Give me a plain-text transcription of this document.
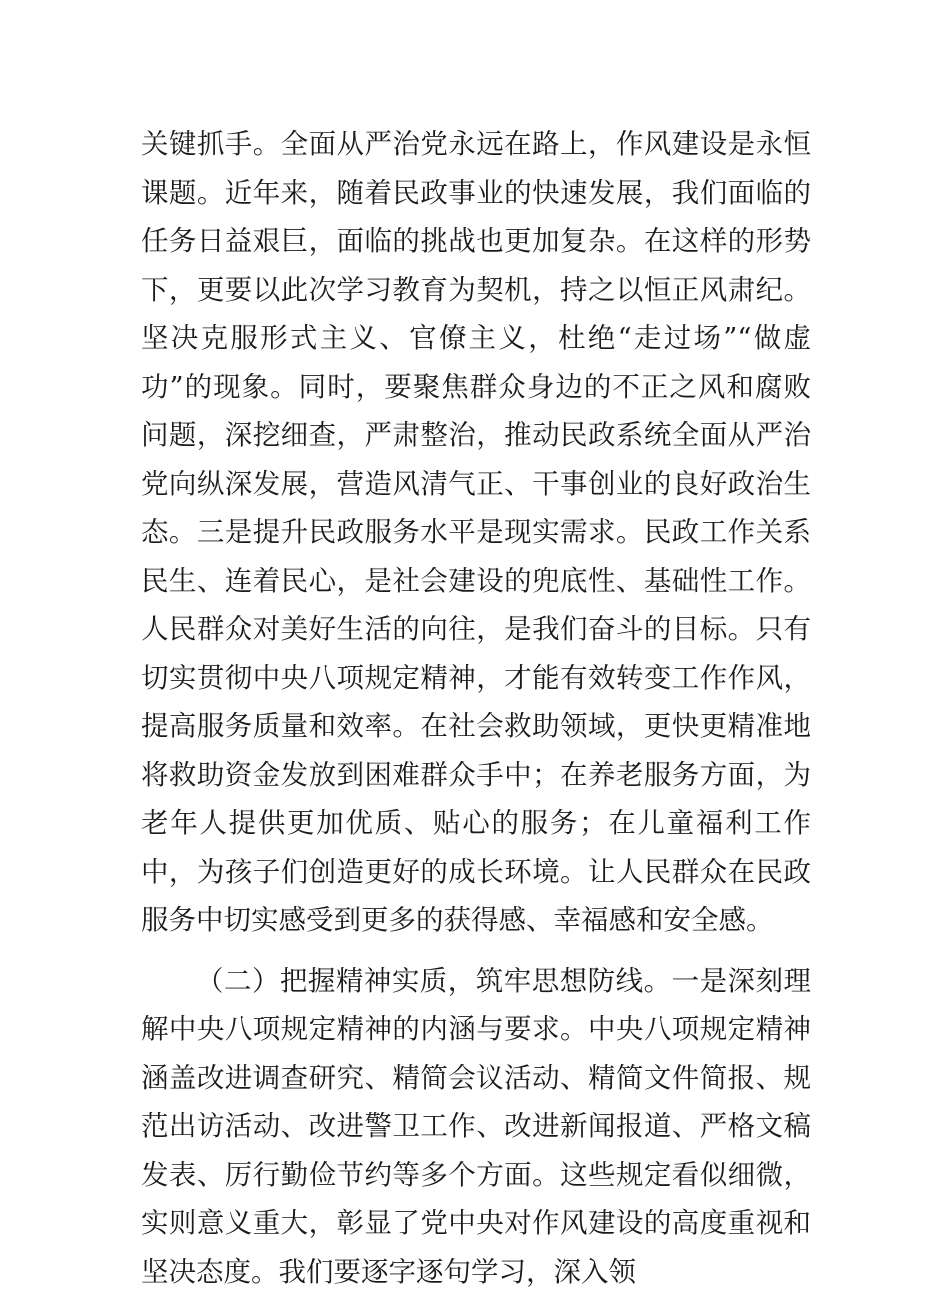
关键抓手。全面从严治党永远在路上，作风建设是永恒课题。近年来，随着民政事业的快速发展，我们面临的任务日益艰巨，面临的挑战也更加复杂。在这样的形势下，更要以此次学习教育为契机，持之以恒正风肃纪。坚决克服形式主义、官僚主义，杜绝“走过场”“做虚功”的现象。同时，要聚焦群众身边的不正之风和腐败问题，深挖细查，严肃整治，推动民政系统全面从严治党向纵深发展，营造风清气正、干事创业的良好政治生态。三是提升民政服务水平是现实需求。民政工作关系民生、连着民心，是社会建设的兜底性、基础性工作。人民群众对美好生活的向往，是我们奋斗的目标。只有切实贯彻中央八项规定精神，才能有效转变工作作风，提高服务质量和效率。在社会救助领域，更快更精准地将救助资金发放到困难群众手中；在养老服务方面，为老年人提供更加优质、贴心的服务；在儿童福利工作中，为孩子们创造更好的成长环境。让人民群众在民政服务中切实感受到更多的获得感、幸福感和安全感。

（二）把握精神实质，筑牢思想防线。一是深刻理解中央八项规定精神的内涵与要求。中央八项规定精神涵盖改进调查研究、精简会议活动、精简文件简报、规范出访活动、改进警卫工作、改进新闻报道、严格文稿发表、厉行勤俭节约等多个方面。这些规定看似细微，实则意义重大，彰显了党中央对作风建设的高度重视和坚决态度。我们要逐字逐句学习，深入领
